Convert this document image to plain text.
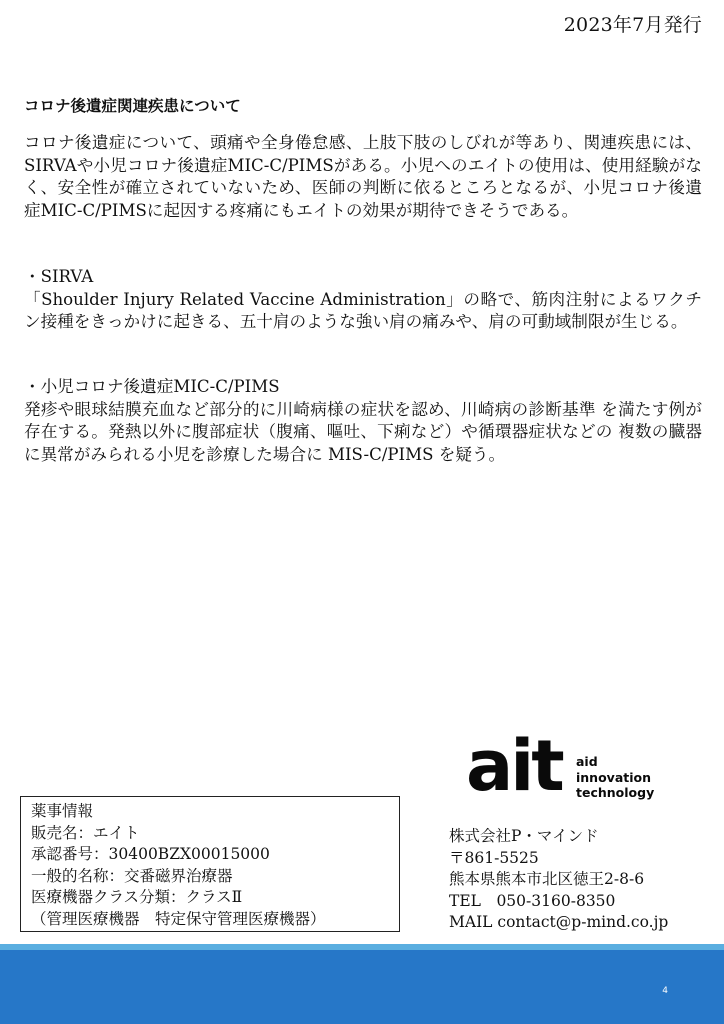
2023年7月発行
コロナ後遺症関連疾患について

コロナ後遺症について、頭痛や全身倦怠感、上肢下肢のしびれが等あり、関連疾患には、SIRVAや小児コロナ後遺症MIC-C/PIMSがある。小児へのエイトの使用は、使用経験がなく、安全性が確立されていないため、医師の判断に依るところとなるが、小児コロナ後遺症MIC-C/PIMSに起因する疼痛にもエイトの効果が期待できそうである。

・SIRVA

「Shoulder Injury Related Vaccine Administration」の略で、筋肉注射によるワクチン接種をきっかけに起きる、五十肩のような強い肩の痛みや、肩の可動域制限が生じる。

・小児コロナ後遺症MIC-C/PIMS

発疹や眼球結膜充血など部分的に川崎病様の症状を認め、川崎病の診断基準 を満たす例が存在する。発熱以外に腹部症状（腹痛、嘔吐、下痢など）や循環器症状などの 複数の臓器に異常がみられる小児を診療した場合に MIS-C/PIMS を疑う。

ait aid
innovation
technology
薬事情報
販売名：エイト
承認番号：30400BZX00015000
一般的名称：交番磁界治療器
医療機器クラス分類：クラスⅡ
（管理医療機器　特定保守管理医療機器）
株式会社P・マインド
〒861-5525
熊本県熊本市北区徳王2-8-6
TEL　050-3160-8350
MAIL contact@p-mind.co.jp
4
